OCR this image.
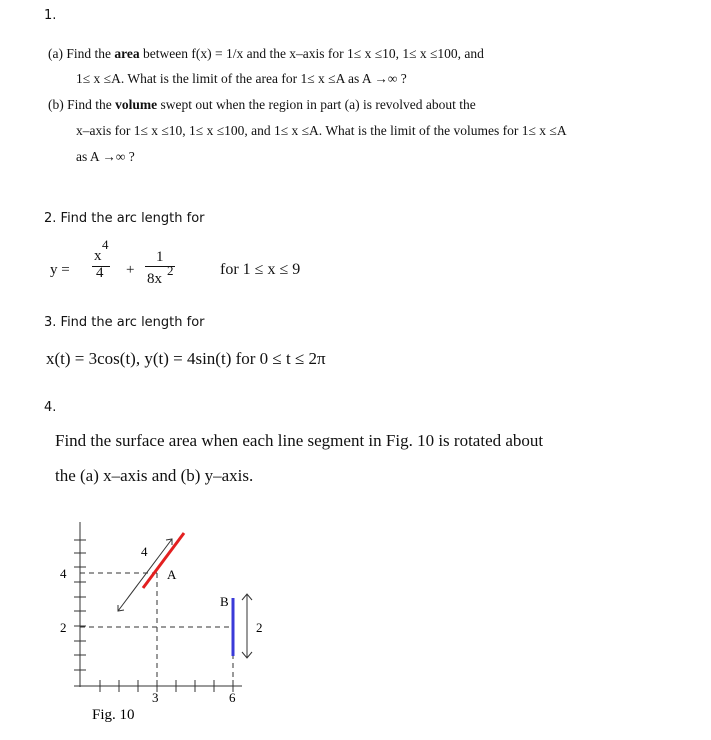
1.
(a) Find the area between f(x) = 1/x and the x–axis for 1≤ x ≤10, 1≤ x ≤100, and
1≤ x ≤A. What is the limit of the area for 1≤ x ≤A as A →∞ ?
(b) Find the volume swept out when the region in part (a) is revolved about the
x–axis for 1≤ x ≤10, 1≤ x ≤100, and 1≤ x ≤A. What is the limit of the volumes for 1≤ x ≤A
as A →∞ ?
2. Find the arc length for
y =
x
4
4 +
1
8x
2	for 1 ≤ x ≤ 9
3. Find the arc length for
x(t) = 3cos(t), y(t) = 4sin(t) for 0 ≤ t ≤ 2π
4.
Find the surface area when each line segment in Fig. 10 is rotated about
the (a) x–axis and (b) y–axis.
4
2
3	6
A
B
4
2
Fig. 10
